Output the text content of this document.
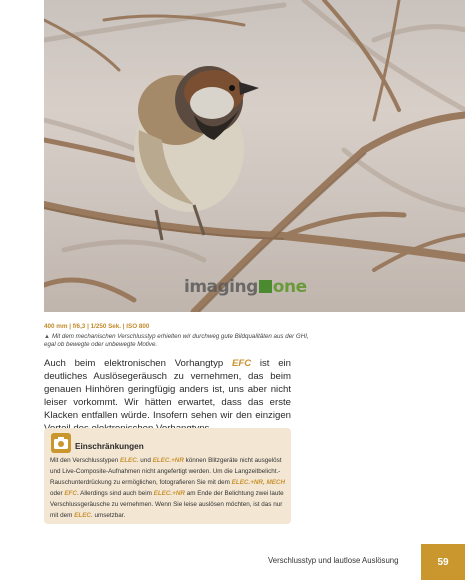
imaging one
400 mm | f/6,3 | 1/250 Sek. | ISO 800
▲ Mit dem mechanischen Verschlusstyp erhielten wir durchweg gute Bildqualitäten aus der GHI, egal ob bewegte oder unbewegte Motive.
Auch beim elektronischen Vorhangtyp EFC ist ein deutliches Auslösegeräusch zu vernehmen, das beim genauen Hinhören geringfügig anders ist, uns aber nicht leiser vorkommt. Wir hätten erwartet, dass das erste Klacken entfallen würde. Insofern sehen wir den einzigen
Einschränkungen
Mit den Verschlusstypen ELEC. und ELEC.+NR können Blitzgeräte nicht ausgelöst und Live-Composite-Aufnahmen nicht angefertigt werden. Um die Langzeitbelicht.-Rauschunterdrückung zu ermöglichen, fotografieren Sie mit dem ELEC.+NR, MECH oder EFC. Allerdings sind auch beim ELEC.+NR am Ende der Belichtung zwei laute Verschlussgeräusche zu vernehmen. Wenn Sie leise auslösen möchten, ist das nur mit dem ELEC. umsetzbar.
Verschlusstyp und lautlose Auslösung	59
